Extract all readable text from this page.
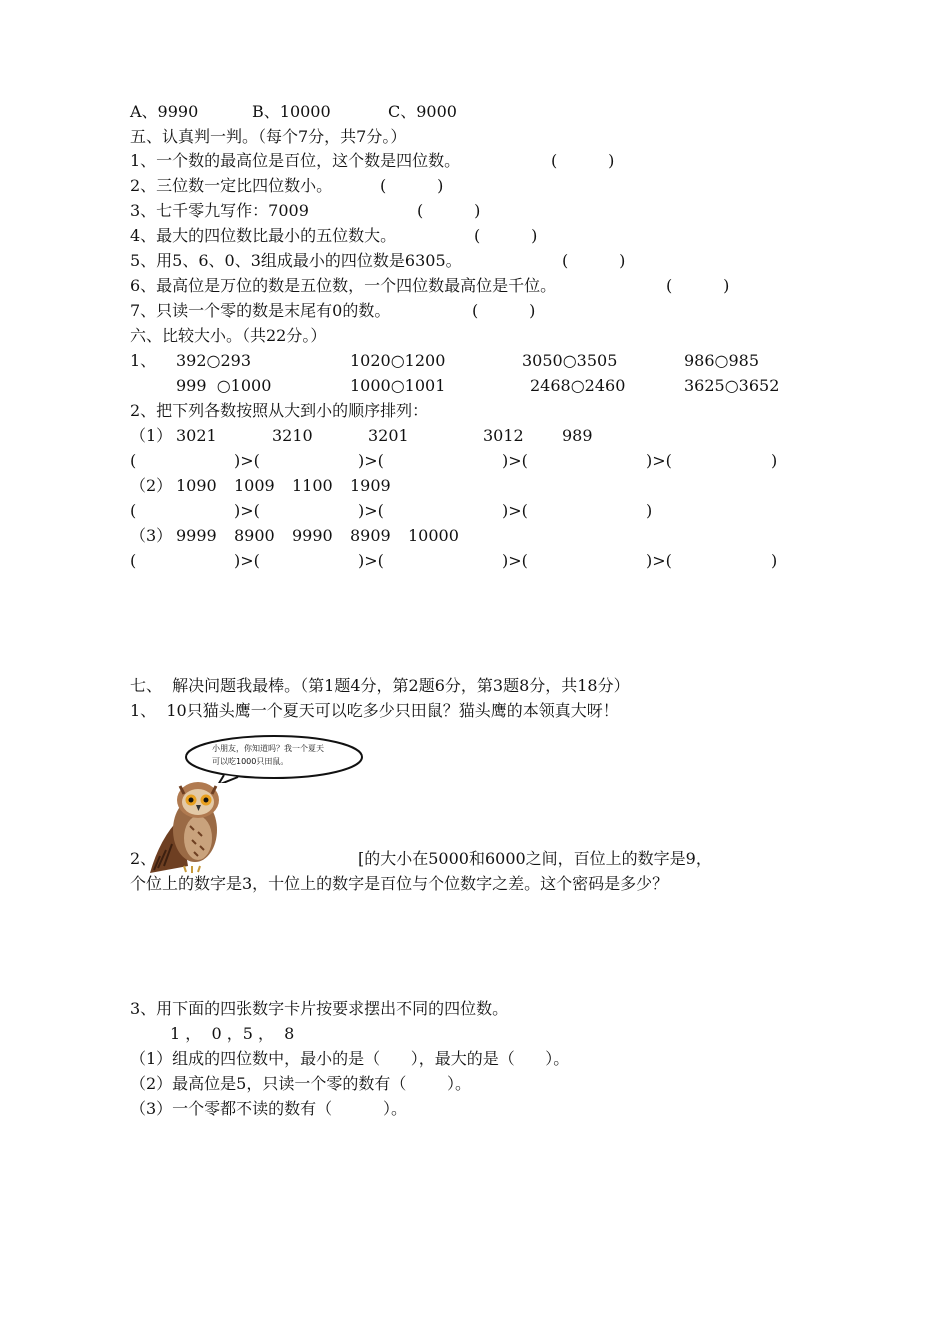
A、9990	B、10000	C、9000
五、认真判一判。（每个7分，共7分。）
1、一个数的最高位是百位，这个数是四位数。	(          )
2、三位数一定比四位数小。	(          )
3、七千零九写作：7009	(          )
4、最大的四位数比最小的五位数大。	(          )
5、用5、6、0、3组成最小的四位数是6305。	(          )
6、最高位是万位的数是五位数，一个四位数最高位是千位。	(          )
7、只读一个零的数是末尾有0的数。	(          )
六、比较大小。（共22分。）
1、 392○293	1020○1200	3050○3505	986○985
999  ○1000	1000○1001	2468○2460	3625○3652
2、把下列各数按照从大到小的顺序排列：
（1） 3021	3210	3201	3012 989
(	)>(	)>(	)>(	)>(	)
（2） 1090 1009 1100 1909
(	)>(	)>(	)>(	)
（3） 9999 8900 9990 8909 10000
(	)>(	)>(	)>(	)>(	)
七、  解决问题我最棒。（第1题4分，第2题6分，第3题8分，共18分）
1、  10只猫头鹰一个夏天可以吃多少只田鼠？猫头鹰的本领真大呀！
小朋友，你知道吗？我一个夏天
可以吃1000只田鼠。
2、	[的大小在5000和6000之间，百位上的数字是9，
个位上的数字是3，十位上的数字是百位与个位数字之差。这个密码是多少？
3、用下面的四张数字卡片按要求摆出不同的四位数。
1 ，  0 ，5 ，  8
（1）组成的四位数中，最小的是（      ），最大的是（      ）。
（2）最高位是5，只读一个零的数有（        ）。
（3）一个零都不读的数有（          ）。
